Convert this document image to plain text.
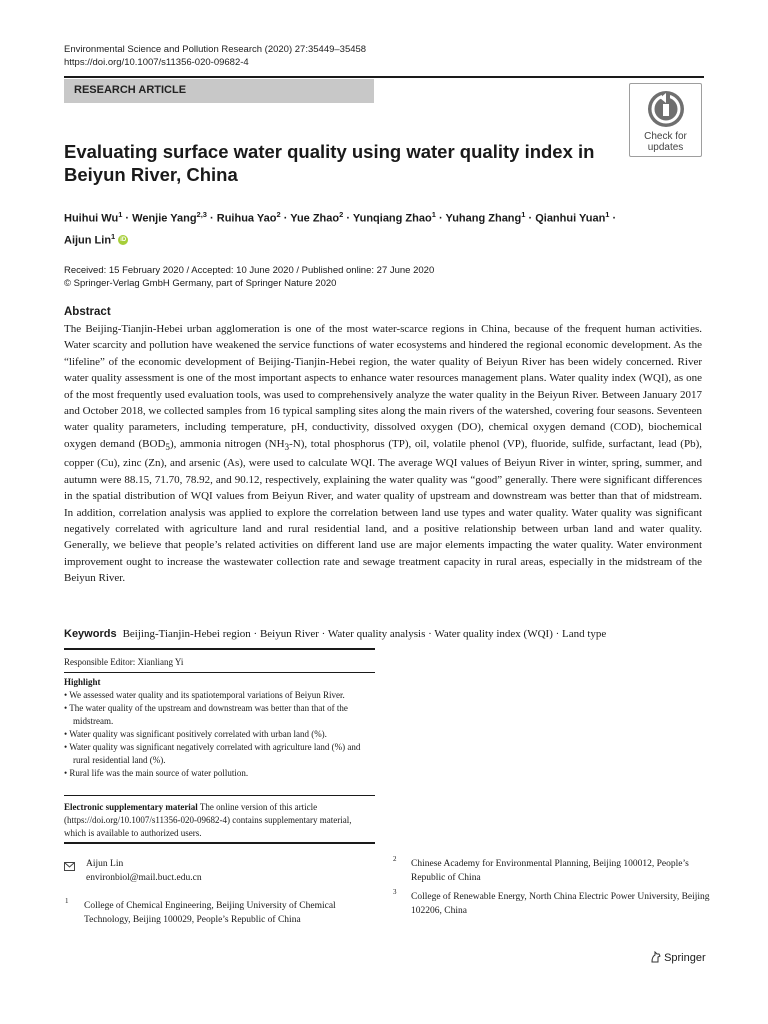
Environmental Science and Pollution Research (2020) 27:35449–35458
https://doi.org/10.1007/s11356-020-09682-4
RESEARCH ARTICLE
Check for updates
Evaluating surface water quality using water quality index in Beiyun River, China
Huihui $Wu^1$ · Wenjie Yang$^{2,3}$ · Ruihua Yao$^2$ · Yue Zhao$^2$ · Yunqiang Zhao$^1$ · Yuhang Zhang$^1$ · Qianhui Yuan$^1$ ·
Aijun Lin$^1$ iD
Received: 15 February 2020 / Accepted: 10 June 2020 / Published online: 27 June 2020
© Springer-Verlag GmbH Germany, part of Springer Nature 2020
Abstract
The Beijing-Tianjin-Hebei urban agglomeration is one of the most water-scarce regions in China, because of the frequent human activities. Water scarcity and pollution have weakened the service functions of water ecosystems and hindered the regional economic development. As the “lifeline” of the economic development of Beijing-Tianjin-Hebei region, the water quality of Beiyun River has been widely concerned. River water quality assessment is one of the most important aspects to enhance water resources management plans. Water quality index (WQI), as one of the most frequently used evaluation tools, was used to comprehensively analyze the water quality in the Beiyun River. Between January 2017 and October 2018, we collected samples from 16 typical sampling sites along the main rivers of the watershed, covering four seasons. Seventeen water quality parameters, including temperature, pH, conductivity, dissolved oxygen (DO), chemical oxygen demand (COD), biochemical oxygen demand $(BOD_5)$, ammonia nitrogen $(NH_3-N)$, total phosphorus (TP), oil, volatile phenol (VP), fluoride, sulfide, surfactant, lead (Pb), copper (Cu), zinc (Zn), and arsenic (As), were used to calculate WQI. The average WQI values of Beiyun River in winter, spring, summer, and autumn were 88.15, 71.70, 78.92, and 90.12, respectively, explaining the water quality was “good” generally. There were significant differences in the spatial distribution of WQI values from Beiyun River, and water quality of upstream and downstream was better than that of midstream. In addition, correlation analysis was applied to explore the correlation between land use types and water quality. Water quality was significant negatively correlated with agriculture land and rural residential land, and a positive relationship between urban land and water quality. Generally, we believe that people’s related activities on different land use are major elements impacting the water quality. Water environment improvement ought to increase the wastewater collection rate and sewage treatment capacity in rural areas, especially in the midstream of the Beiyun River.
Keywords Beijing-Tianjin-Hebei region · Beiyun River · Water quality analysis · Water quality index (WQI) · Land type
Responsible Editor: Xianliang Yi
Highlight
• We assessed water quality and its spatiotemporal variations of Beiyun River.
• The water quality of the upstream and downstream was better than that of the midstream.
• Water quality was significant positively correlated with urban land (%).
• Water quality was significant negatively correlated with agriculture land (%) and rural residential land (%).
• Rural life was the main source of water pollution.
Electronic supplementary material The online version of this article (https://doi.org/10.1007/s11356-020-09682-4) contains supplementary material, which is available to authorized users.
Aijun Lin
environbiol@mail.buct.edu.cn
1 College of Chemical Engineering, Beijing University of Chemical Technology, Beijing 100029, People’s Republic of China
2 Chinese Academy for Environmental Planning, Beijing 100012, People’s Republic of China
3 College of Renewable Energy, North China Electric Power University, Beijing 102206, China
Springer
